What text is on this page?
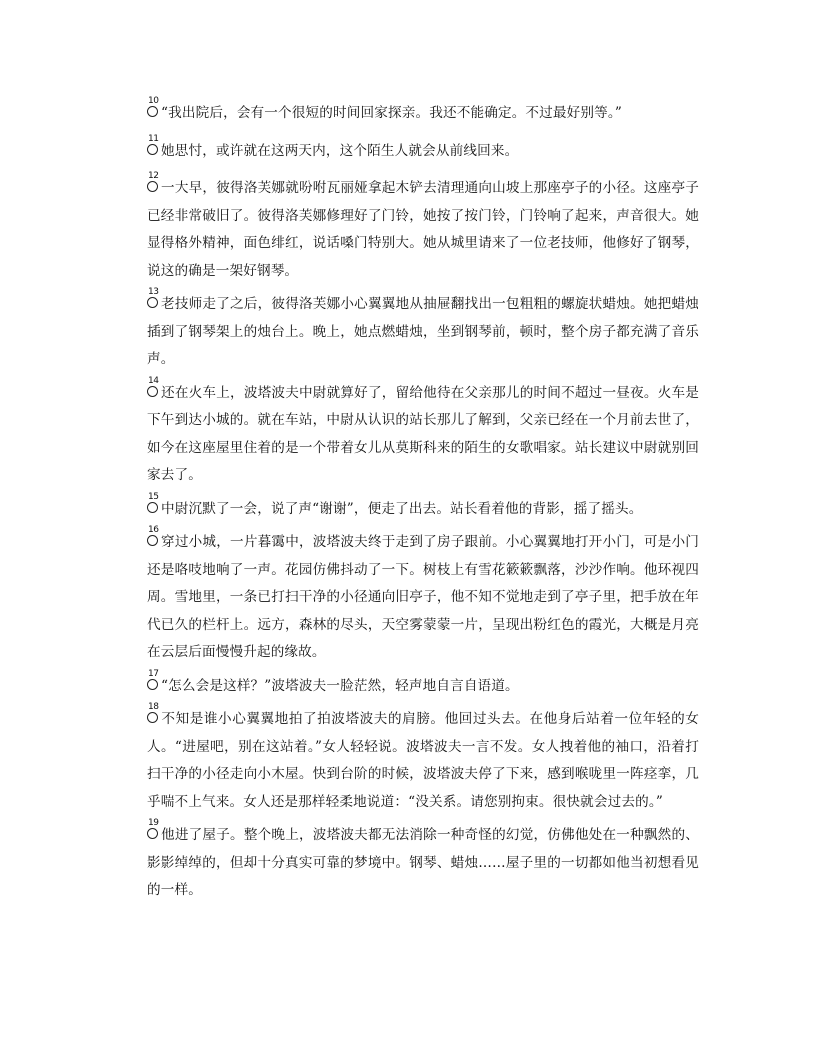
10
“我出院后，会有一个很短的时间回家探亲。我还不能确定。不过最好别等。”

11
她思忖，或许就在这两天内，这个陌生人就会从前线回来。

12
一大早，彼得洛芙娜就吩咐瓦丽娅拿起木铲去清理通向山坡上那座亭子的小径。这座亭子已经非常破旧了。彼得洛芙娜修理好了门铃，她按了按门铃，门铃响了起来，声音很大。她显得格外精神，面色绯红，说话嗓门特别大。她从城里请来了一位老技师，他修好了钢琴，说这的确是一架好钢琴。

13
老技师走了之后，彼得洛芙娜小心翼翼地从抽屉翻找出一包粗粗的螺旋状蜡烛。她把蜡烛插到了钢琴架上的烛台上。晚上，她点燃蜡烛，坐到钢琴前，顿时，整个房子都充满了音乐声。

14
还在火车上，波塔波夫中尉就算好了，留给他待在父亲那儿的时间不超过一昼夜。火车是下午到达小城的。就在车站，中尉从认识的站长那儿了解到，父亲已经在一个月前去世了，如今在这座屋里住着的是一个带着女儿从莫斯科来的陌生的女歌唱家。站长建议中尉就别回家去了。

15
中尉沉默了一会，说了声“谢谢”，便走了出去。站长看着他的背影，摇了摇头。

16
穿过小城，一片暮霭中，波塔波夫终于走到了房子跟前。小心翼翼地打开小门，可是小门还是咯吱地响了一声。花园仿佛抖动了一下。树枝上有雪花簌簌飘落，沙沙作响。他环视四周。雪地里，一条已打扫干净的小径通向旧亭子，他不知不觉地走到了亭子里，把手放在年代已久的栏杆上。远方，森林的尽头，天空雾蒙蒙一片，呈现出粉红色的霞光，大概是月亮在云层后面慢慢升起的缘故。

17
“怎么会是这样？”波塔波夫一脸茫然，轻声地自言自语道。

18
不知是谁小心翼翼地拍了拍波塔波夫的肩膀。他回过头去。在他身后站着一位年轻的女人。“进屋吧，别在这站着。”女人轻轻说。波塔波夫一言不发。女人拽着他的袖口，沿着打扫干净的小径走向小木屋。快到台阶的时候，波塔波夫停了下来，感到喉咙里一阵痉挛，几乎喘不上气来。女人还是那样轻柔地说道：“没关系。请您别拘束。很快就会过去的。”

19
他进了屋子。整个晚上，波塔波夫都无法消除一种奇怪的幻觉，仿佛他处在一种飘然的、影影绰绰的，但却十分真实可靠的梦境中。钢琴、蜡烛……屋子里的一切都如他当初想看见的一样。
